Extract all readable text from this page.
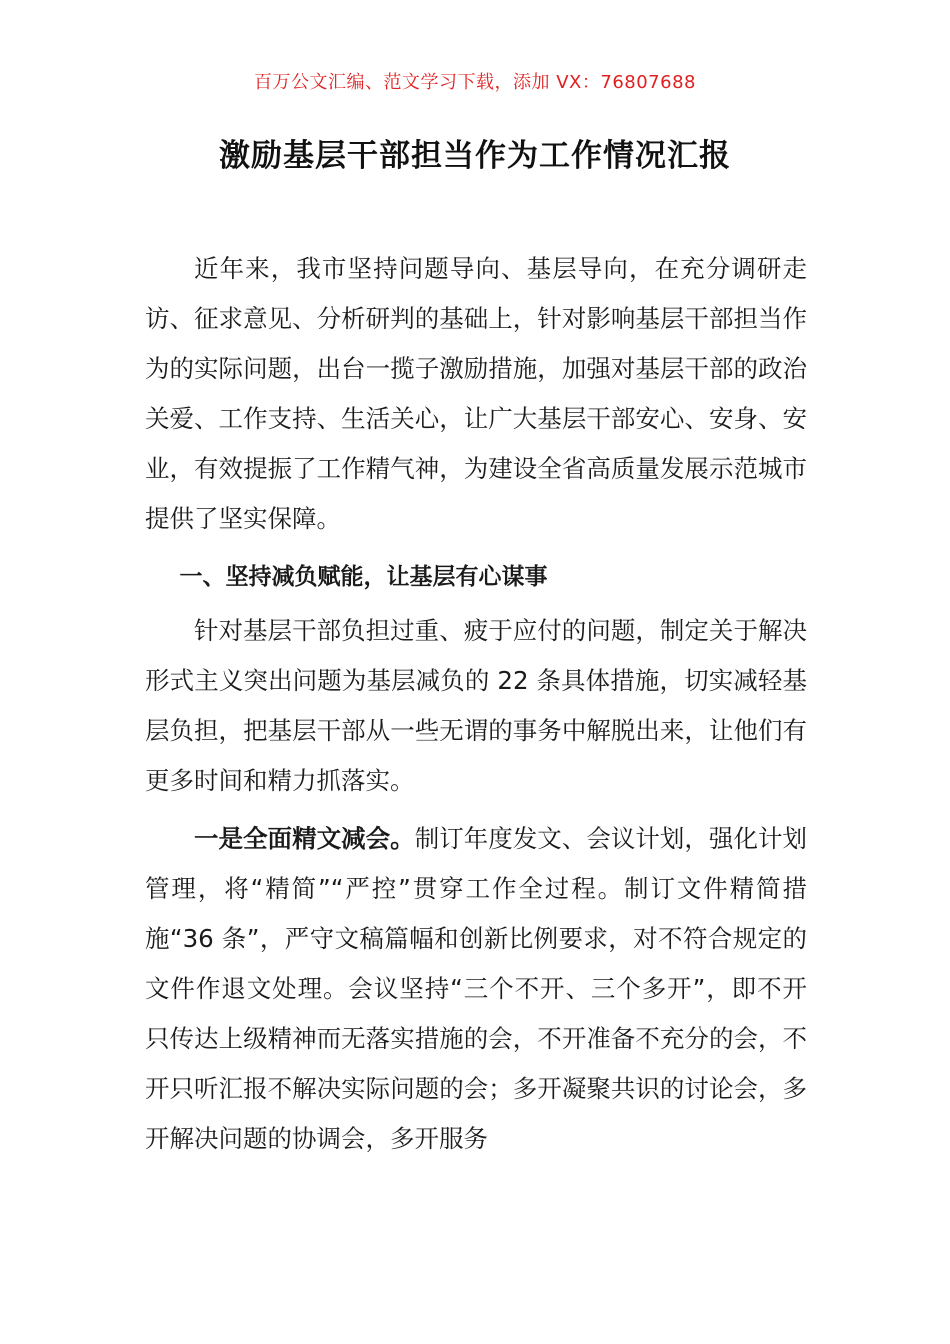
百万公文汇编、范文学习下载，添加 VX：76807688
激励基层干部担当作为工作情况汇报

近年来，我市坚持问题导向、基层导向，在充分调研走访、征求意见、分析研判的基础上，针对影响基层干部担当作为的实际问题，出台一揽子激励措施，加强对基层干部的政治关爱、工作支持、生活关心，让广大基层干部安心、安身、安业，有效提振了工作精气神，为建设全省高质量发展示范城市提供了坚实保障。

一、坚持减负赋能，让基层有心谋事

针对基层干部负担过重、疲于应付的问题，制定关于解决形式主义突出问题为基层减负的 22 条具体措施，切实减轻基层负担，把基层干部从一些无谓的事务中解脱出来，让他们有更多时间和精力抓落实。

一是全面精文减会。制订年度发文、会议计划，强化计划管理，将“精简”“严控”贯穿工作全过程。制订文件精简措施“36 条”，严守文稿篇幅和创新比例要求，对不符合规定的文件作退文处理。会议坚持“三个不开、三个多开”，即不开只传达上级精神而无落实措施的会，不开准备不充分的会，不开只听汇报不解决实际问题的会；多开凝聚共识的讨论会，多开解决问题的协调会，多开服务
